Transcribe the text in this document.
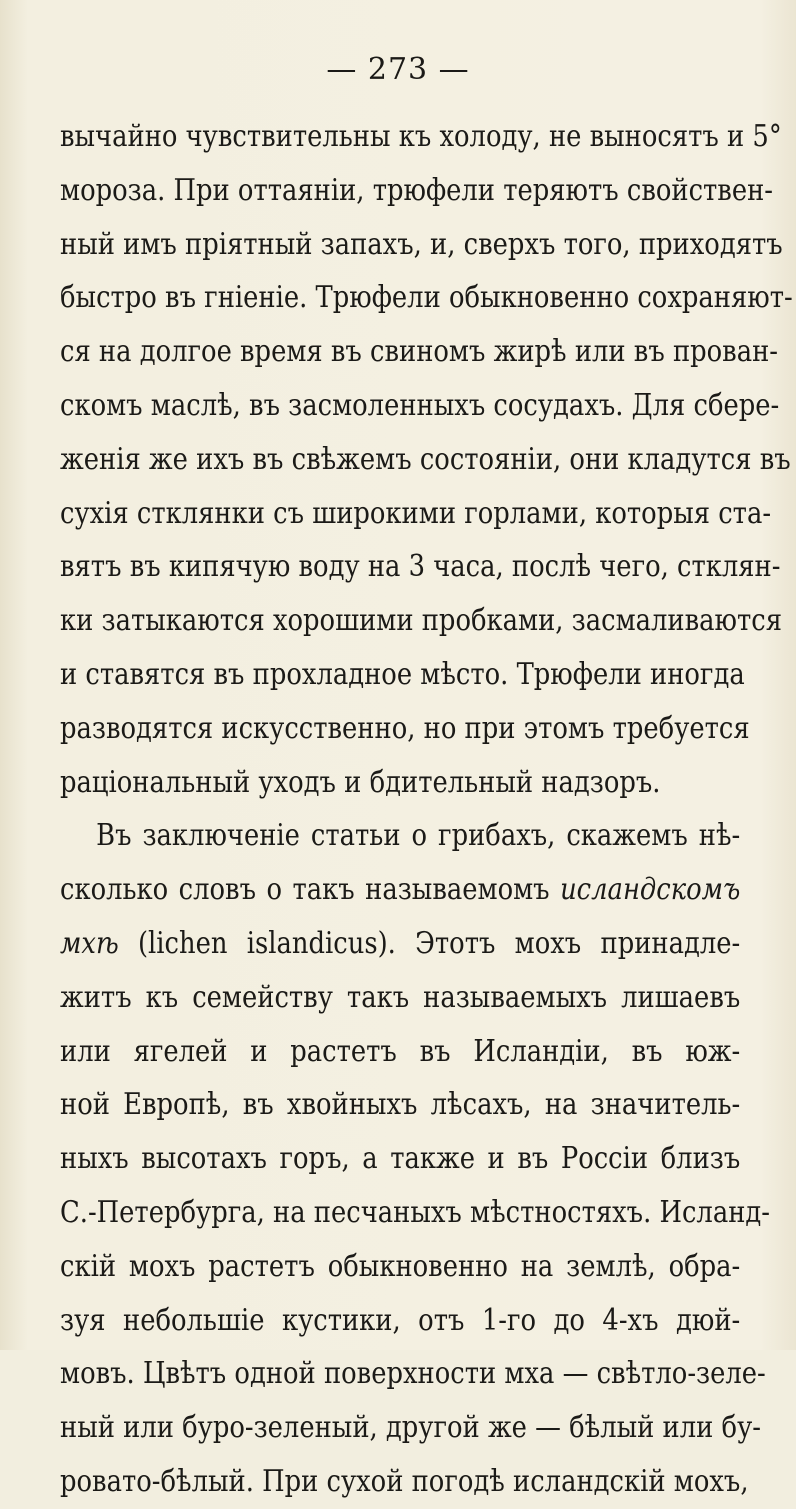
— 273 —
вычайно чувствительны къ холоду, не выносятъ и 5°
мороза. При оттаяніи, трюфели теряютъ свойствен-
ный имъ пріятный запахъ, и, сверхъ того, приходятъ
быстро въ гніеніе. Трюфели обыкновенно сохраняют-
ся на долгое время въ свиномъ жирѣ или въ прован-
скомъ маслѣ, въ засмоленныхъ сосудахъ. Для сбере-
женія же ихъ въ свѣжемъ состояніи, они кладутся въ
сухія стклянки съ широкими горлами, которыя ста-
вятъ въ кипячую воду на 3 часа, послѣ чего, стклян-
ки затыкаются хорошими пробками, засмаливаются
и ставятся въ прохладное мѣсто. Трюфели иногда
разводятся искусственно, но при этомъ требуется
раціональный уходъ и бдительный надзоръ.
Въ заключеніе статьи о грибахъ, скажемъ нѣ-
сколько словъ о такъ называемомъ исландскомъ
мхѣ (lichen islandicus). Этотъ мохъ принадле-
житъ къ семейству такъ называемыхъ лишаевъ
или ягелей и растетъ въ Исландіи, въ юж-
ной Европѣ, въ хвойныхъ лѣсахъ, на значитель-
ныхъ высотахъ горъ, а также и въ Россіи близъ
С.-Петербурга, на песчаныхъ мѣстностяхъ. Исланд-
скій мохъ растетъ обыкновенно на землѣ, обра-
зуя небольшіе кустики, отъ 1-го до 4-хъ дюй-
мовъ. Цвѣтъ одной поверхности мха — свѣтло-зеле-
ный или буро-зеленый, другой же — бѣлый или бу-
ровато-бѣлый. При сухой погодѣ исландскій мохъ,
